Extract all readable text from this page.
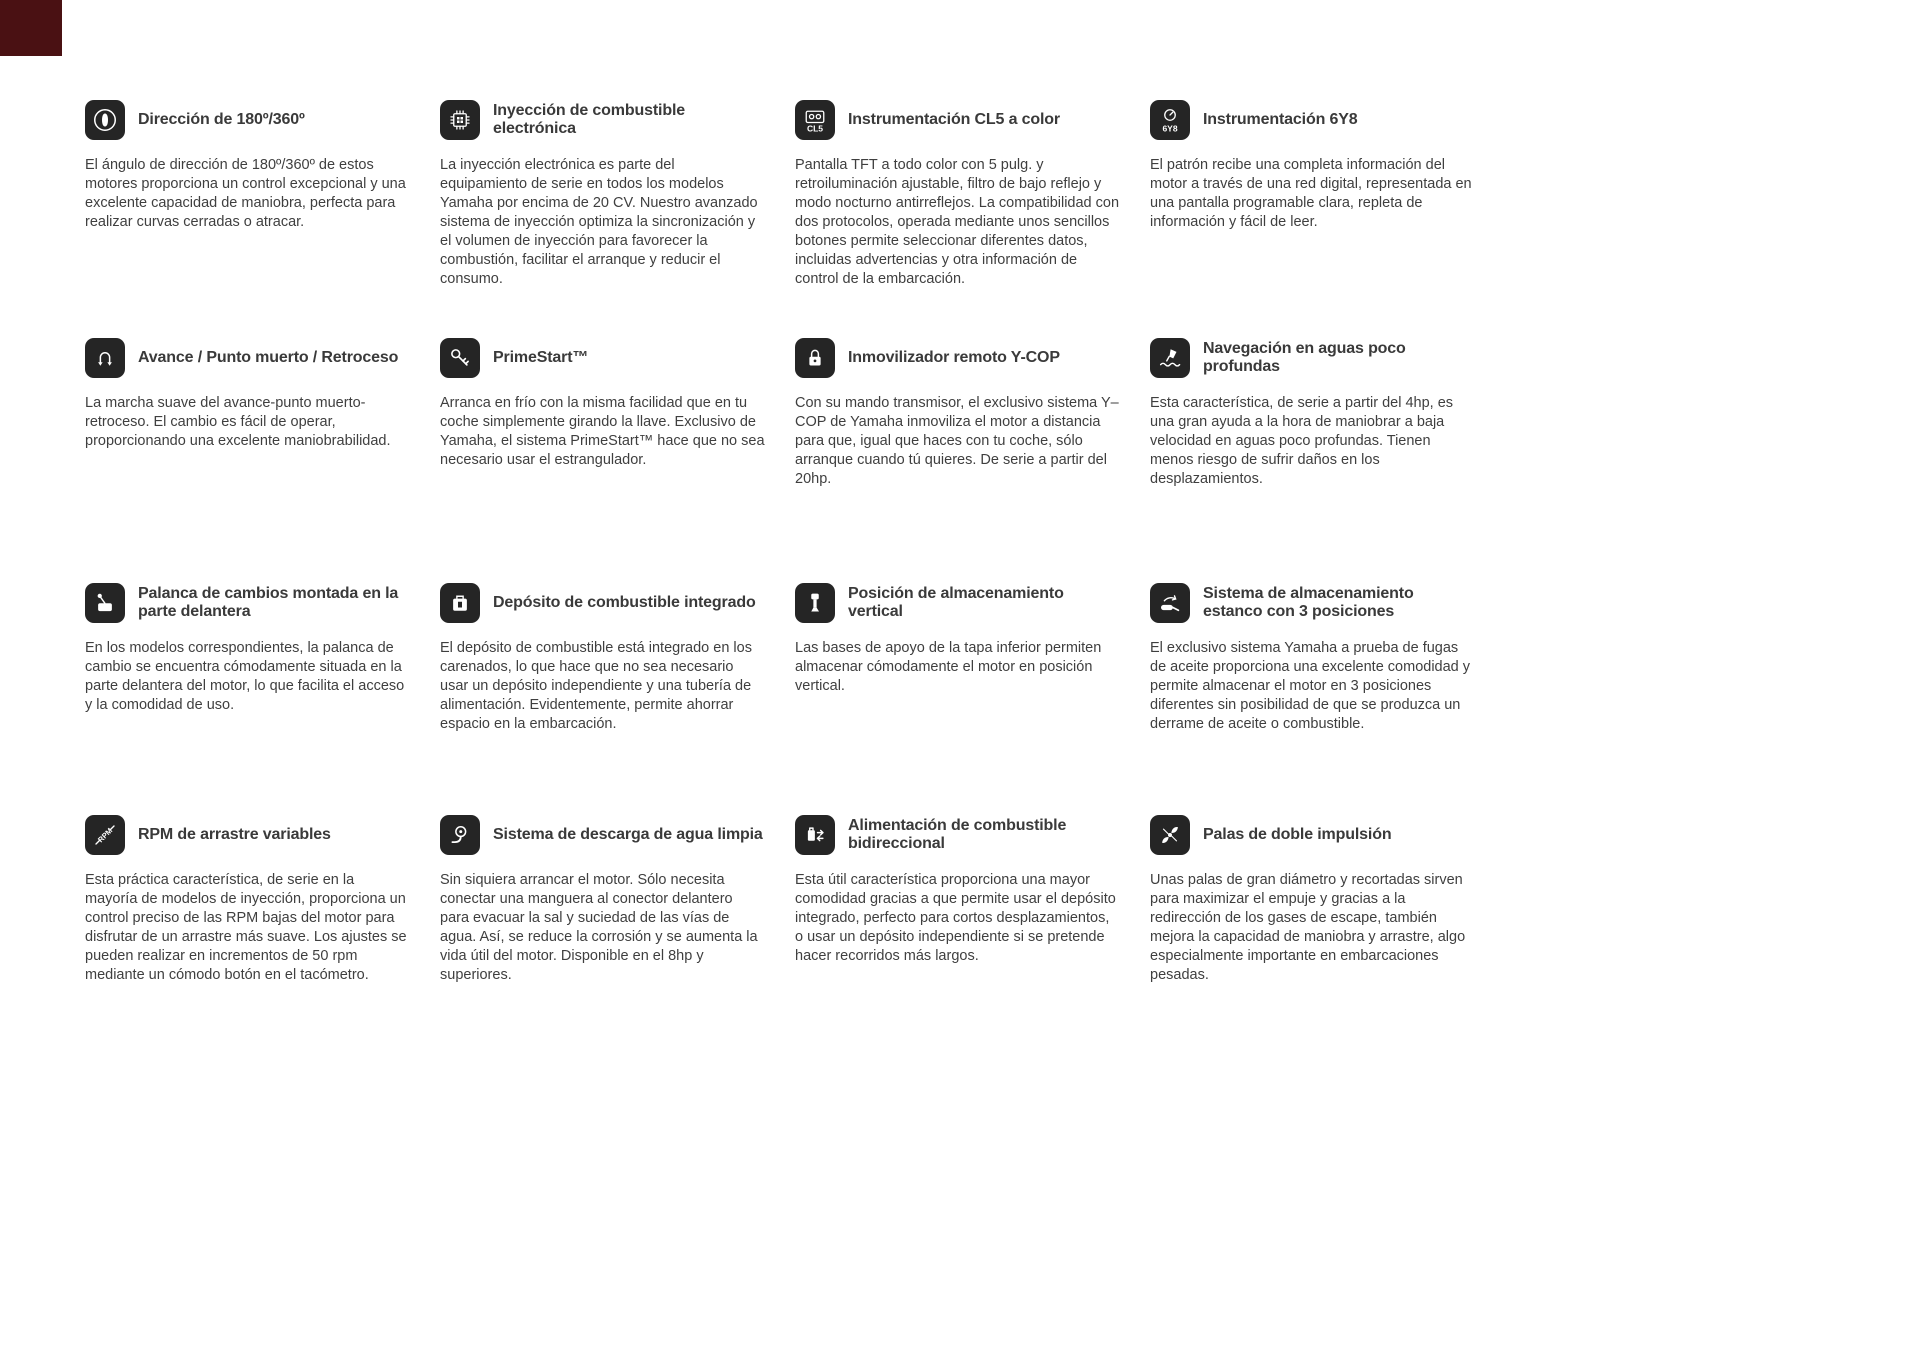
Dirección de 180º/360º

El ángulo de dirección de 180º/360º de estos motores proporciona un control excepcional y una excelente capacidad de maniobra, perfecta para realizar curvas cerradas o atracar.

Inyección de combustible electrónica

La inyección electrónica es parte del equipamiento de serie en todos los modelos Yamaha por encima de 20 CV. Nuestro avanzado sistema de inyección optimiza la sincronización y el volumen de inyección para favorecer la combustión, facilitar el arranque y reducir el consumo.

CL5
Instrumentación CL5 a color

Pantalla TFT a todo color con 5 pulg. y retroiluminación ajustable, filtro de bajo reflejo y modo nocturno antirreflejos. La compatibilidad con dos protocolos, operada mediante unos sencillos botones permite seleccionar diferentes datos, incluidas advertencias y otra información de control de la embarcación.

6Y8
Instrumentación 6Y8

El patrón recibe una completa información del motor a través de una red digital, representada en una pantalla programable clara, repleta de información y fácil de leer.

Avance / Punto muerto / Retroceso

La marcha suave del avance-punto muerto-retroceso. El cambio es fácil de operar, proporcionando una excelente maniobrabilidad.

PrimeStart™

Arranca en frío con la misma facilidad que en tu coche simplemente girando la llave. Exclusivo de Yamaha, el sistema PrimeStart™ hace que no sea necesario usar el estrangulador.

Inmovilizador remoto Y-COP

Con su mando transmisor, el exclusivo sistema Y–COP de Yamaha inmoviliza el motor a distancia para que, igual que haces con tu coche, sólo arranque cuando tú quieres. De serie a partir del 20hp.

Navegación en aguas poco profundas

Esta característica, de serie a partir del 4hp, es una gran ayuda a la hora de maniobrar a baja velocidad en aguas poco profundas. Tienen menos riesgo de sufrir daños en los desplazamientos.

Palanca de cambios montada en la parte delantera

En los modelos correspondientes, la palanca de cambio se encuentra cómodamente situada en la parte delantera del motor, lo que facilita el acceso y la comodidad de uso.

Depósito de combustible integrado

El depósito de combustible está integrado en los carenados, lo que hace que no sea necesario usar un depósito independiente y una tubería de alimentación. Evidentemente, permite ahorrar espacio en la embarcación.

Posición de almacenamiento vertical

Las bases de apoyo de la tapa inferior permiten almacenar cómodamente el motor en posición vertical.

Sistema de almacenamiento estanco con 3 posiciones

El exclusivo sistema Yamaha a prueba de fugas de aceite proporciona una excelente comodidad y permite almacenar el motor en 3 posiciones diferentes sin posibilidad de que se produzca un derrame de aceite o combustible.

RPM RPM de arrastre variables

Esta práctica característica, de serie en la mayoría de modelos de inyección, proporciona un control preciso de las RPM bajas del motor para disfrutar de un arrastre más suave. Los ajustes se pueden realizar en incrementos de 50 rpm mediante un cómodo botón en el tacómetro.

Sistema de descarga de agua limpia

Sin siquiera arrancar el motor. Sólo necesita conectar una manguera al conector delantero para evacuar la sal y suciedad de las vías de agua. Así, se reduce la corrosión y se aumenta la vida útil del motor. Disponible en el 8hp y superiores.

Alimentación de combustible bidireccional

Esta útil característica proporciona una mayor comodidad gracias a que permite usar el depósito integrado, perfecto para cortos desplazamientos, o usar un depósito independiente si se pretende hacer recorridos más largos.

Palas de doble impulsión

Unas palas de gran diámetro y recortadas sirven para maximizar el empuje y gracias a la redirección de los gases de escape, también mejora la capacidad de maniobra y arrastre, algo especialmente importante en embarcaciones pesadas.
